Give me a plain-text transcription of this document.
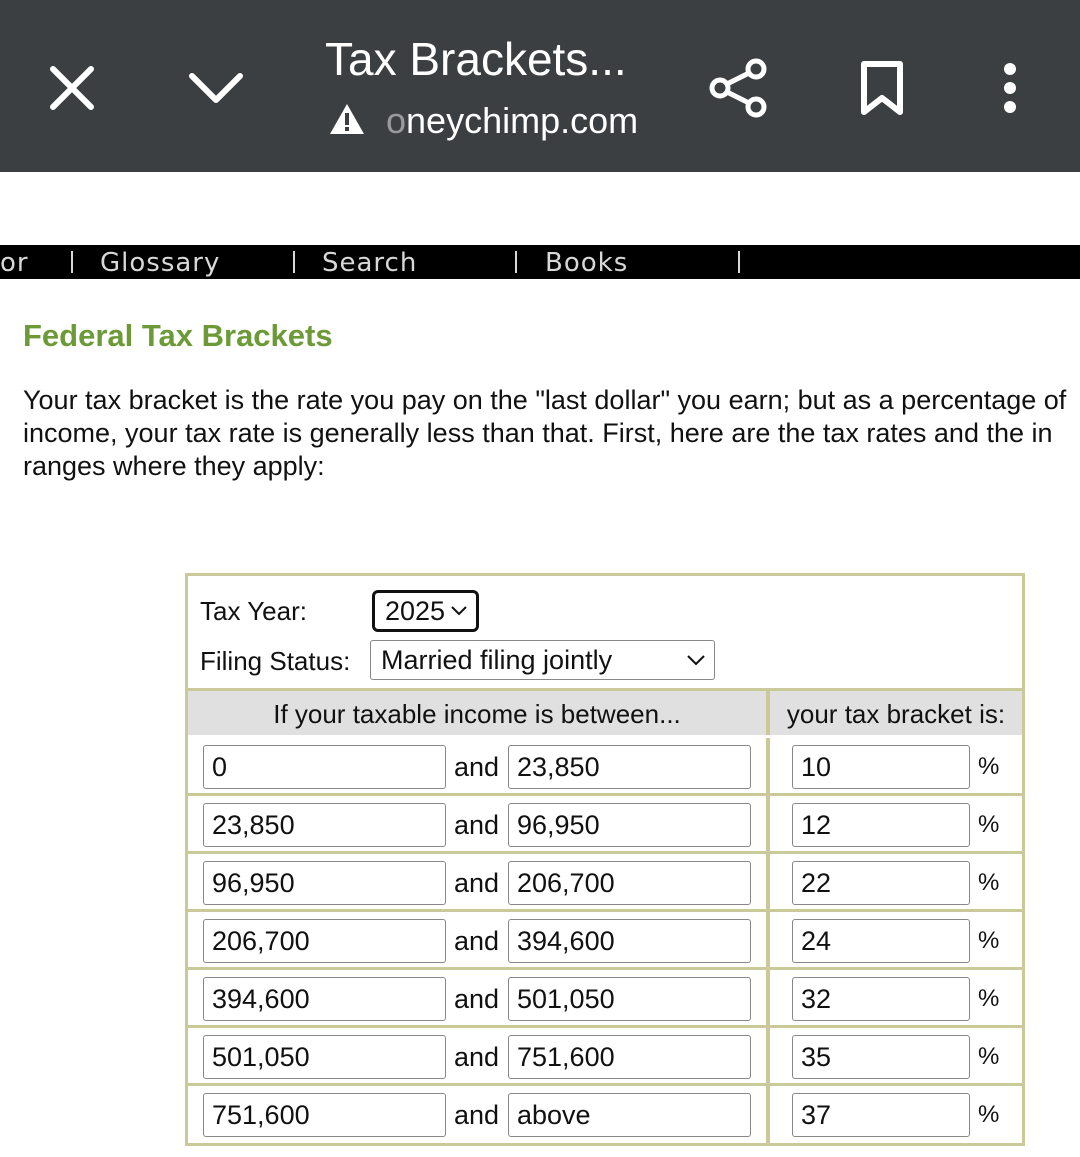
Tax Brackets...
oneychimp.com
or	Glossary	Search	Books
Federal Tax Brackets
Your tax bracket is the rate you pay on the "last dollar" you earn; but as a percentage of
income, your tax rate is generally less than that. First, here are the tax rates and the in
ranges where they apply:
Tax Year:	2025
Filing Status: Married filing jointly
If your taxable income is between...	your tax bracket is:
0	and 23,850	10	%
23,850	and 96,950	12	%
96,950	and 206,700	22	%
206,700	and 394,600	24	%
394,600	and 501,050	32	%
501,050	and 751,600	35	%
751,600	and above	37	%
